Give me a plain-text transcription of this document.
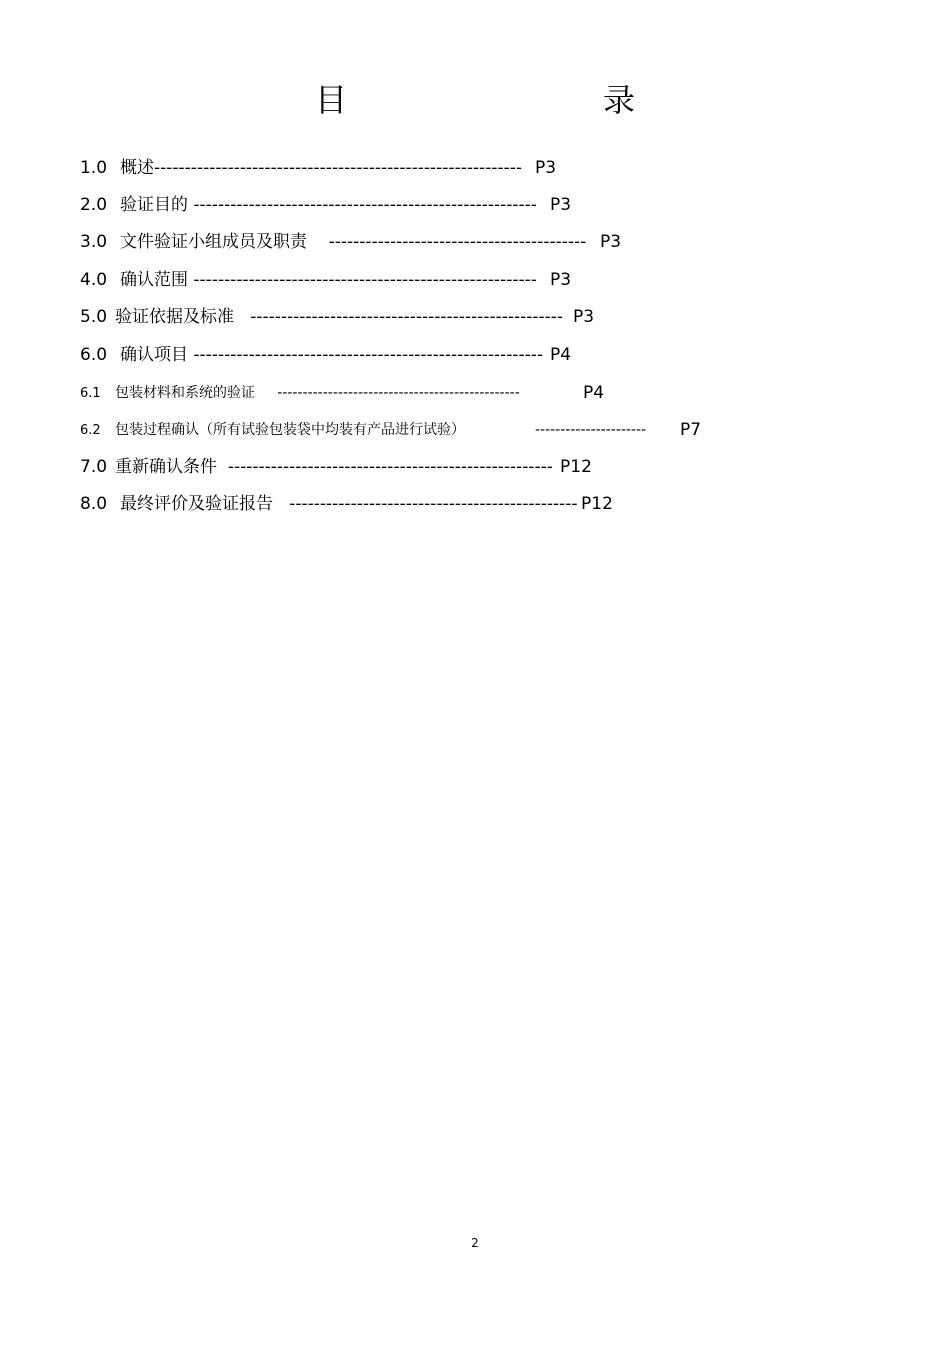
目　　录
1.0 概述------------------------------------------------------------ P3
2.0 验证目的 -------------------------------------------------------- P3
3.0 文件验证小组成员及职责 ------------------------------------------ P3
4.0 确认范围 -------------------------------------------------------- P3
5.0 验证依据及标准 --------------------------------------------------- P3
6.0 确认项目 --------------------------------------------------------- P4
6.1 包装材料和系统的验证 ------------------------------------------------	P4
6.2 包装过程确认（所有试验包装袋中均装有产品进行试验）	---------------------- P7
7.0 重新确认条件 ----------------------------------------------------- P12
8.0 最终评价及验证报告 ----------------------------------------------- P12
2
